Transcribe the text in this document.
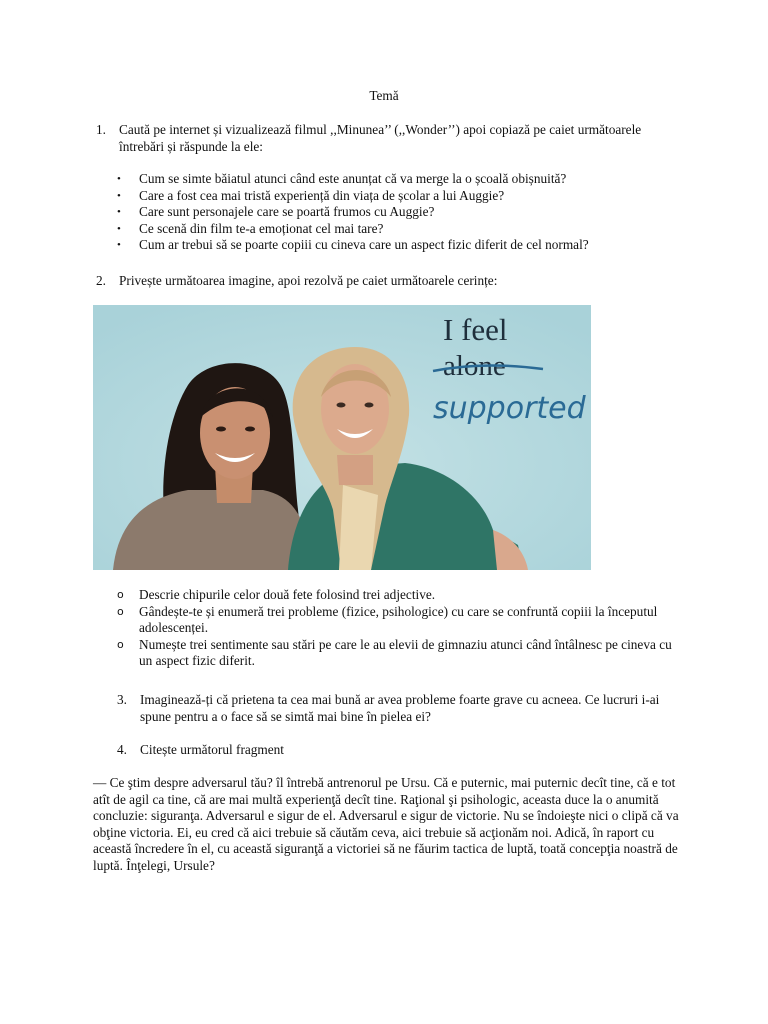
Temă
1. Caută pe internet și vizualizează filmul ,,Minunea’’ (,,Wonder’’) apoi copiază pe caiet următoarele întrebări și răspunde la ele:
• Cum se simte băiatul atunci când este anunțat că va merge la o școală obișnuită?
• Care a fost cea mai tristă experiență din viața de școlar a lui Auggie?
• Care sunt personajele care se poartă frumos cu Auggie?
• Ce scenă din film te-a emoționat cel mai tare?
• Cum ar trebui să se poarte copiii cu cineva care un aspect fizic diferit de cel normal?
2. Privește următoarea imagine, apoi rezolvă pe caiet următoarele cerințe:
I feel
alone
supported
o Descrie chipurile celor două fete folosind trei adjective.
o Gândește-te și enumeră trei probleme (fizice, psihologice) cu care se confruntă copiii la începutul adolescenței.
o Numește trei sentimente sau stări pe care le au elevii de gimnaziu atunci când întâlnesc pe cineva cu un aspect fizic diferit.
3. Imaginează-ți că prietena ta cea mai bună ar avea probleme foarte grave cu acneea. Ce lucruri i-ai spune pentru a o face să se simtă mai bine în pielea ei?
4. Citește următorul fragment
— Ce ştim despre adversarul tău? îl întrebă antrenorul pe Ursu. Că e puternic, mai puternic decît tine, că e tot atît de agil ca tine, că are mai multă experienţă decît tine. Raţional şi psihologic, aceasta duce la o anumită concluzie: siguranţa. Adversarul e sigur de el. Adversarul e sigur de victorie. Nu se îndoieşte nici o clipă că va obţine victoria. Ei, eu cred că aici trebuie să căutăm ceva, aici trebuie să acţionăm noi. Adică, în raport cu această încredere în el, cu această siguranţă a victoriei să ne făurim tactica de luptă, toată concepţia noastră de luptă. Înţelegi, Ursule?
